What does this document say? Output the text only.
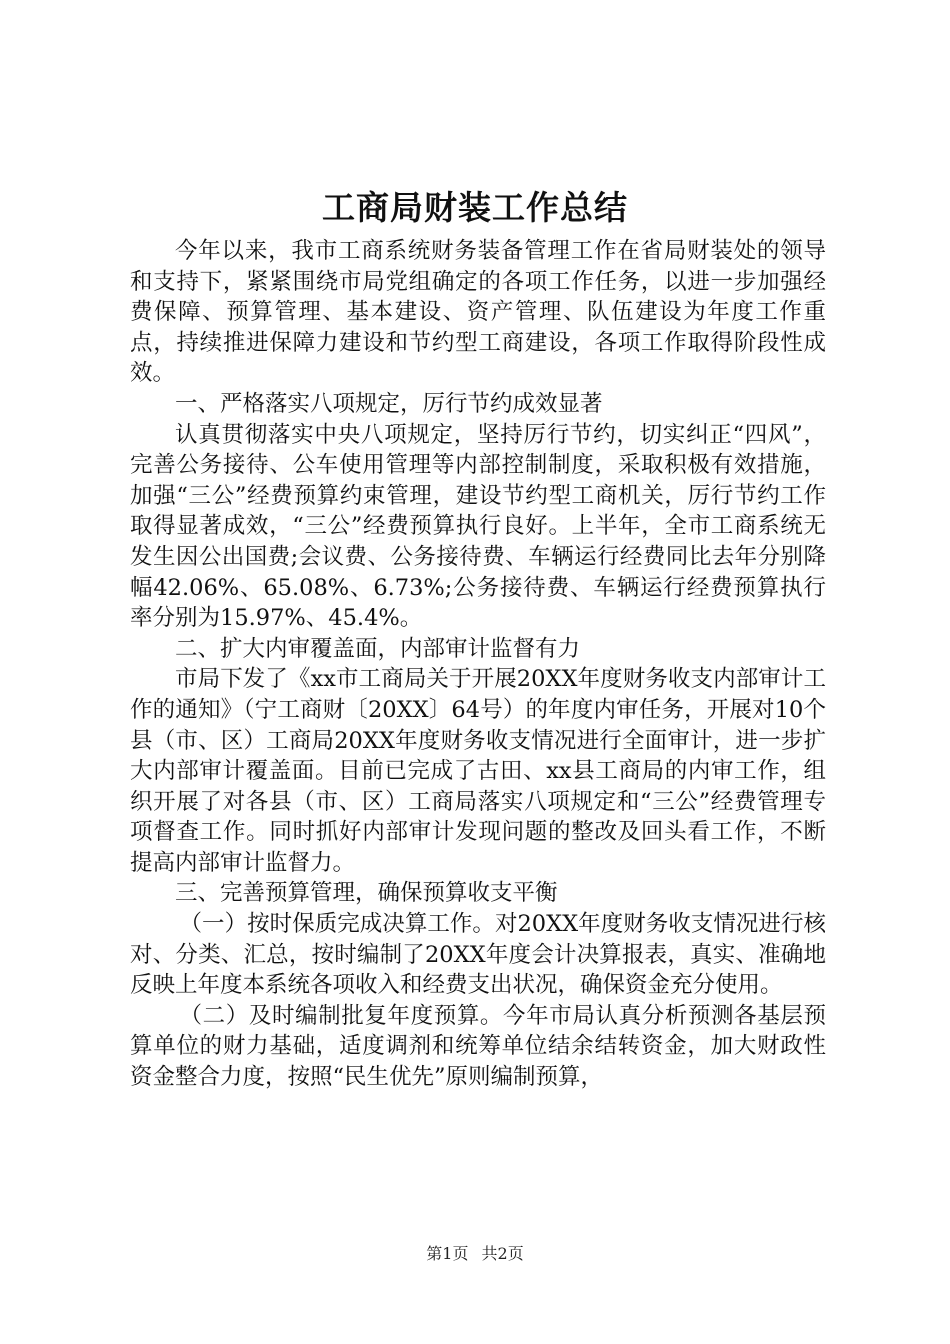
工商局财装工作总结

今年以来，我市工商系统财务装备管理工作在省局财装处的领导和支持下，紧紧围绕市局党组确定的各项工作任务，以进一步加强经费保障、预算管理、基本建设、资产管理、队伍建设为年度工作重点，持续推进保障力建设和节约型工商建设，各项工作取得阶段性成效。

一、严格落实八项规定，厉行节约成效显著

认真贯彻落实中央八项规定，坚持厉行节约，切实纠正“四风”，完善公务接待、公车使用管理等内部控制制度，采取积极有效措施，加强“三公”经费预算约束管理，建设节约型工商机关，厉行节约工作取得显著成效，“三公”经费预算执行良好。上半年，全市工商系统无发生因公出国费;会议费、公务接待费、车辆运行经费同比去年分别降幅42.06%、65.08%、6.73%;公务接待费、车辆运行经费预算执行率分别为15.97%、45.4%。

二、扩大内审覆盖面，内部审计监督有力

市局下发了《xx市工商局关于开展20XX年度财务收支内部审计工作的通知》（宁工商财〔20XX〕64号）的年度内审任务，开展对10个县（市、区）工商局20XX年度财务收支情况进行全面审计，进一步扩大内部审计覆盖面。目前已完成了古田、xx县工商局的内审工作，组织开展了对各县（市、区）工商局落实八项规定和“三公”经费管理专项督查工作。同时抓好内部审计发现问题的整改及回头看工作，不断提高内部审计监督力。

三、完善预算管理，确保预算收支平衡

（一）按时保质完成决算工作。对20XX年度财务收支情况进行核对、分类、汇总，按时编制了20XX年度会计决算报表，真实、准确地反映上年度本系统各项收入和经费支出状况，确保资金充分使用。

（二）及时编制批复年度预算。今年市局认真分析预测各基层预算单位的财力基础，适度调剂和统筹单位结余结转资金，加大财政性资金整合力度，按照“民生优先”原则编制预算，

第1页 共2页
